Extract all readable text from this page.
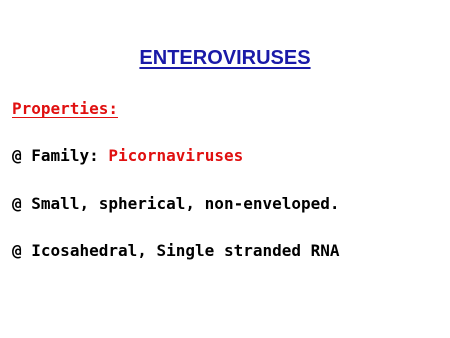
ENTEROVIRUSES
Properties:
@ Family: Picornaviruses
@ Small, spherical, non-enveloped.
@ Icosahedral, Single stranded RNA
